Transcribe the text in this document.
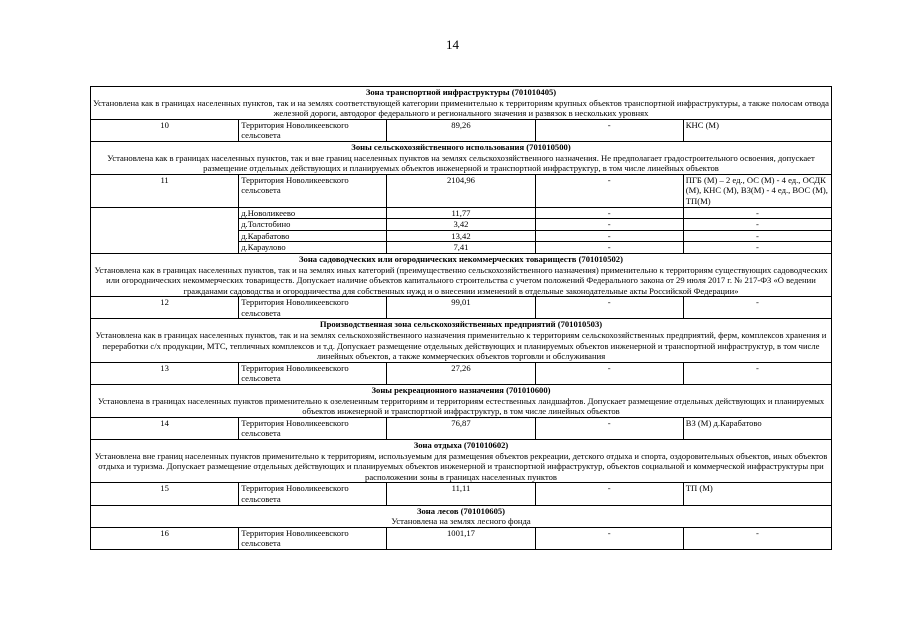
14
Зона транспортной инфраструктуры (701010405)
Установлена как в границах населенных пунктов, так и на землях соответствующей категории применительно к территориям крупных объектов транспортной инфраструктуры, а также полосам отвода железной дороги, автодорог федерального и регионального значения и развязок в нескольких уровнях				

10	Территория Новоликеевского сельсовета	89,26	-	КНС (М)

Зоны сельскохозяйственного использования (701010500)
Установлена как в границах населенных пунктов, так и вне границ населенных пунктов на землях сельскохозяйственного назначения. Не предполагает градостроительного освоения, допускает размещение отдельных действующих и планируемых объектов инженерной и транспортной инфраструктур, в том числе линейных объектов				

11	Территория Новоликеевского сельсовета	2104,96	-	ПГБ (М) – 2 ед., ОС (М) - 4 ед., ОСДК (М), КНС (М), ВЗ(М) - 4 ед., ВОС (М), ТП(М)
	д.Новоликеево	11,77	-	-
	д.Толстобино	3,42	-	-
	д.Карабатово	13,42	-	-
	д.Караулово	7,41	-	-

Зона садоводческих или огороднических некоммерческих товариществ (701010502)
Установлена как в границах населенных пунктов, так и на землях иных категорий (преимущественно сельскохозяйственного назначения) применительно к территориям существующих садоводческих или огороднических некоммерческих товариществ. Допускает наличие объектов капитального строительства с учетом положений Федерального закона от 29 июля 2017 г. № 217-ФЗ «О ведении гражданами садоводства и огородничества для собственных нужд и о внесении изменений в отдельные законодательные акты Российской Федерации»				

12	Территория Новоликеевского сельсовета	99,01	-	-

Производственная зона сельскохозяйственных предприятий (701010503)
Установлена как в границах населенных пунктов, так и на землях сельскохозяйственного назначения применительно к территориям сельскохозяйственных предприятий, ферм, комплексов хранения и переработки с/х продукции, МТС, тепличных комплексов и т.д. Допускает размещение отдельных действующих и планируемых объектов инженерной и транспортной инфраструктур, в том числе линейных объектов, а также коммерческих объектов торговли и обслуживания				

13	Территория Новоликеевского сельсовета	27,26	-	-

Зоны рекреационного назначения (701010600)
Установлена в границах населенных пунктов применительно к озелененным территориям и территориям естественных ландшафтов. Допускает размещение отдельных действующих и планируемых объектов инженерной и транспортной инфраструктур, в том числе линейных объектов				

14	Территория Новоликеевского сельсовета	76,87	-	ВЗ (М) д.Карабатово

Зона отдыха (701010602)
Установлена вне границ населенных пунктов применительно к территориям, используемым для размещения объектов рекреации, детского отдыха и спорта, оздоровительных объектов, иных объектов отдыха и туризма. Допускает размещение отдельных действующих и планируемых объектов инженерной и транспортной инфраструктур, объектов социальной и коммерческой инфраструктуры при расположении зоны в границах населенных пунктов				

15	Территория Новоликеевского сельсовета	11,11	-	ТП (М)

Зона лесов (701010605)
Установлена на землях лесного фонда				

16	Территория Новоликеевского сельсовета	1001,17	-	-
